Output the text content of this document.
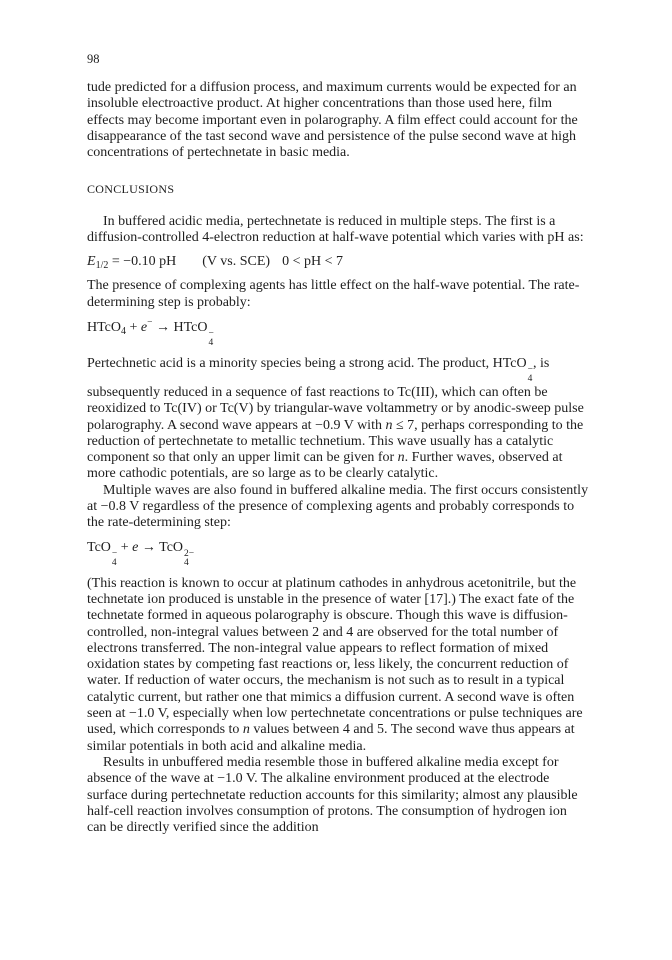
98

tude predicted for a diffusion process, and maximum currents would be expected for an insoluble electroactive product. At higher concentrations than those used here, film effects may become important even in polarography. A film effect could account for the disappearance of the tast second wave and persistence of the pulse second wave at high concentrations of pertechnetate in basic media.

CONCLUSIONS

In buffered acidic media, pertechnetate is reduced in multiple steps. The first is a diffusion-controlled 4-electron reduction at half-wave potential which varies with pH as:

E1/2 = −0.10 pH (V vs. SCE) 0 < pH < 7

The presence of complexing agents has little effect on the half-wave potential. The rate-determining step is probably:

HTcO4 + e− → HTcO −
4

Pertechnetic acid is a minority species being a strong acid. The product, HTcO −
4
, is subsequently reduced in a sequence of fast reactions to Tc(III), which can often be reoxidized to Tc(IV) or Tc(V) by triangular-wave voltammetry or by anodic-sweep pulse polarography. A second wave appears at −0.9 V with n ≤ 7, perhaps corresponding to the reduction of pertechnetate to metallic technetium. This wave usually has a catalytic component so that only an upper limit can be given for n. Further waves, observed at more cathodic potentials, are so large as to be clearly catalytic.

Multiple waves are also found in buffered alkaline media. The first occurs consistently at −0.8 V regardless of the presence of complexing agents and probably corresponds to the rate-determining step:

TcO −
4
+ e → TcO 2−
4

(This reaction is known to occur at platinum cathodes in anhydrous acetonitrile, but the technetate ion produced is unstable in the presence of water [17].) The exact fate of the technetate formed in aqueous polarography is obscure. Though this wave is diffusion-controlled, non-integral values between 2 and 4 are observed for the total number of electrons transferred. The non-integral value appears to reflect formation of mixed oxidation states by competing fast reactions or, less likely, the concurrent reduction of water. If reduction of water occurs, the mechanism is not such as to result in a typical catalytic current, but rather one that mimics a diffusion current. A second wave is often seen at −1.0 V, especially when low pertechnetate concentrations or pulse techniques are used, which corresponds to n values between 4 and 5. The second wave thus appears at similar potentials in both acid and alkaline media.

Results in unbuffered media resemble those in buffered alkaline media except for absence of the wave at −1.0 V. The alkaline environment produced at the electrode surface during pertechnetate reduction accounts for this similarity; almost any plausible half-cell reaction involves consumption of protons. The consumption of hydrogen ion can be directly verified since the addition
